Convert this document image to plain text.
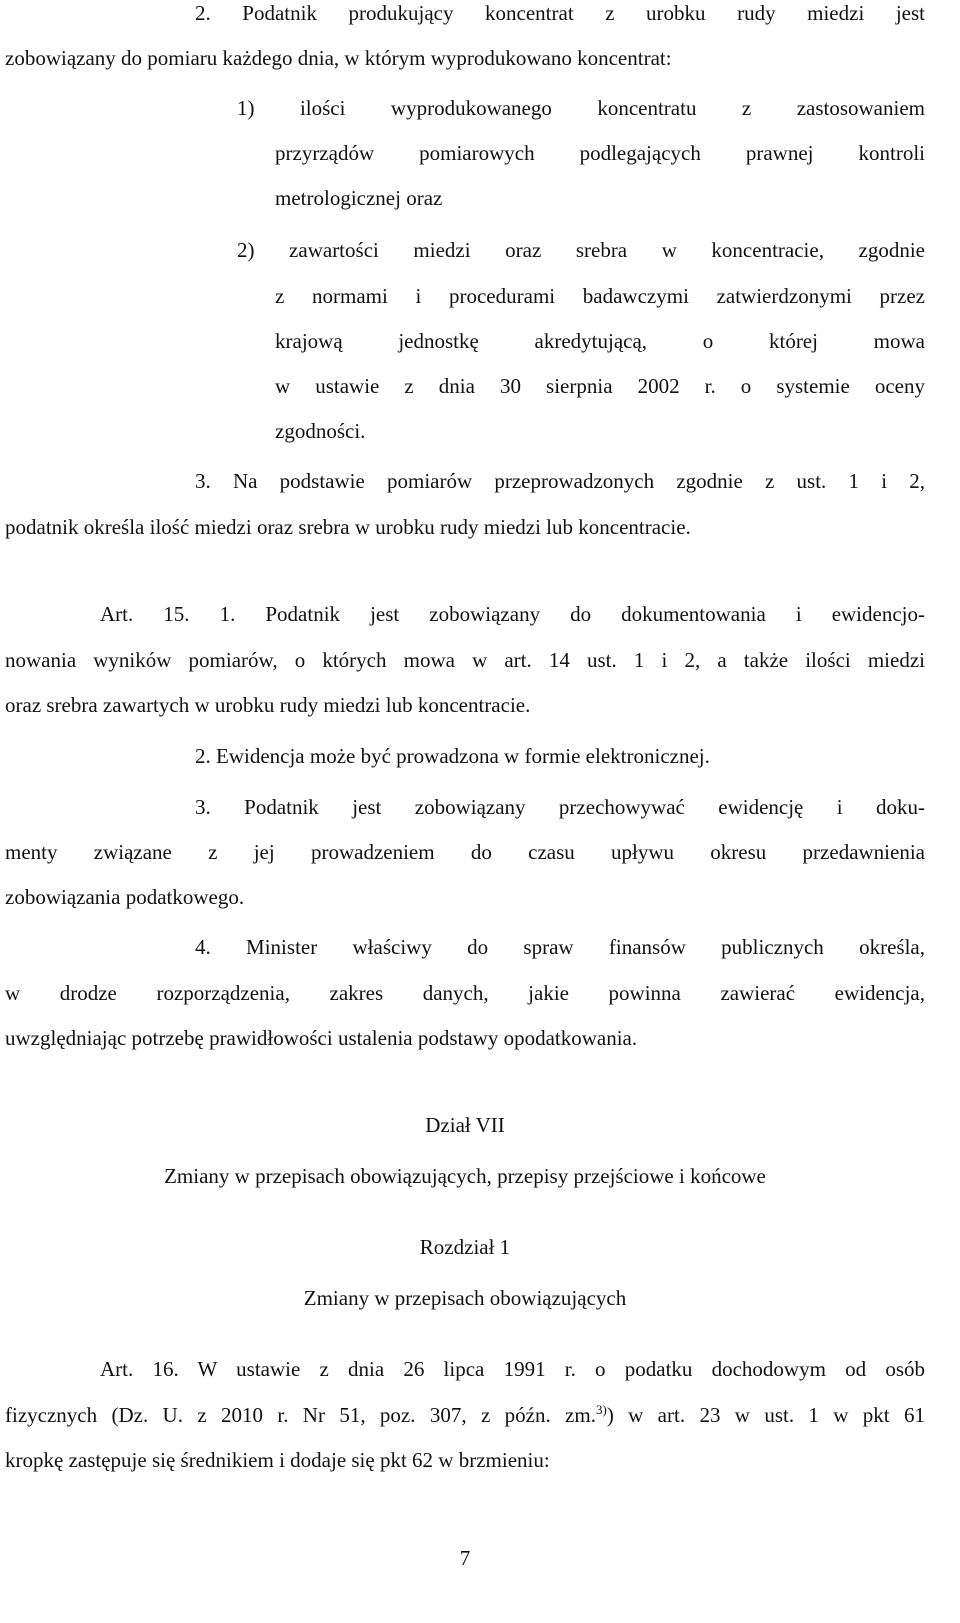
2. Podatnik produkujący koncentrat z urobku rudy miedzi jest
zobowiązany do pomiaru każdego dnia, w którym wyprodukowano koncentrat:
1) ilości wyprodukowanego koncentratu z zastosowaniem
przyrządów pomiarowych podlegających prawnej kontroli
metrologicznej oraz
2) zawartości miedzi oraz srebra w koncentracie, zgodnie
z normami i procedurami badawczymi zatwierdzonymi przez
krajową jednostkę akredytującą, o której mowa
w ustawie z dnia 30 sierpnia 2002 r. o systemie oceny
zgodności.
3. Na podstawie pomiarów przeprowadzonych zgodnie z ust. 1 i 2,
podatnik określa ilość miedzi oraz srebra w urobku rudy miedzi lub koncentracie.
Art. 15. 1. Podatnik jest zobowiązany do dokumentowania i ewidencjo-
nowania wyników pomiarów, o których mowa w art. 14 ust. 1 i 2, a także ilości miedzi
oraz srebra zawartych w urobku rudy miedzi lub koncentracie.
2. Ewidencja może być prowadzona w formie elektronicznej.
3. Podatnik jest zobowiązany przechowywać ewidencję i doku-
menty związane z jej prowadzeniem do czasu upływu okresu przedawnienia
zobowiązania podatkowego.
4. Minister właściwy do spraw finansów publicznych określa,
w drodze rozporządzenia, zakres danych, jakie powinna zawierać ewidencja,
uwzględniając potrzebę prawidłowości ustalenia podstawy opodatkowania.
Dział VII
Zmiany w przepisach obowiązujących, przepisy przejściowe i końcowe
Rozdział 1
Zmiany w przepisach obowiązujących
Art. 16. W ustawie z dnia 26 lipca 1991 r. o podatku dochodowym od osób
fizycznych (Dz. U. z 2010 r. Nr 51, poz. 307, z późn. zm.$^{3)}$) w art. 23 w ust. 1 w pkt 61
kropkę zastępuje się średnikiem i dodaje się pkt 62 w brzmieniu:
7
